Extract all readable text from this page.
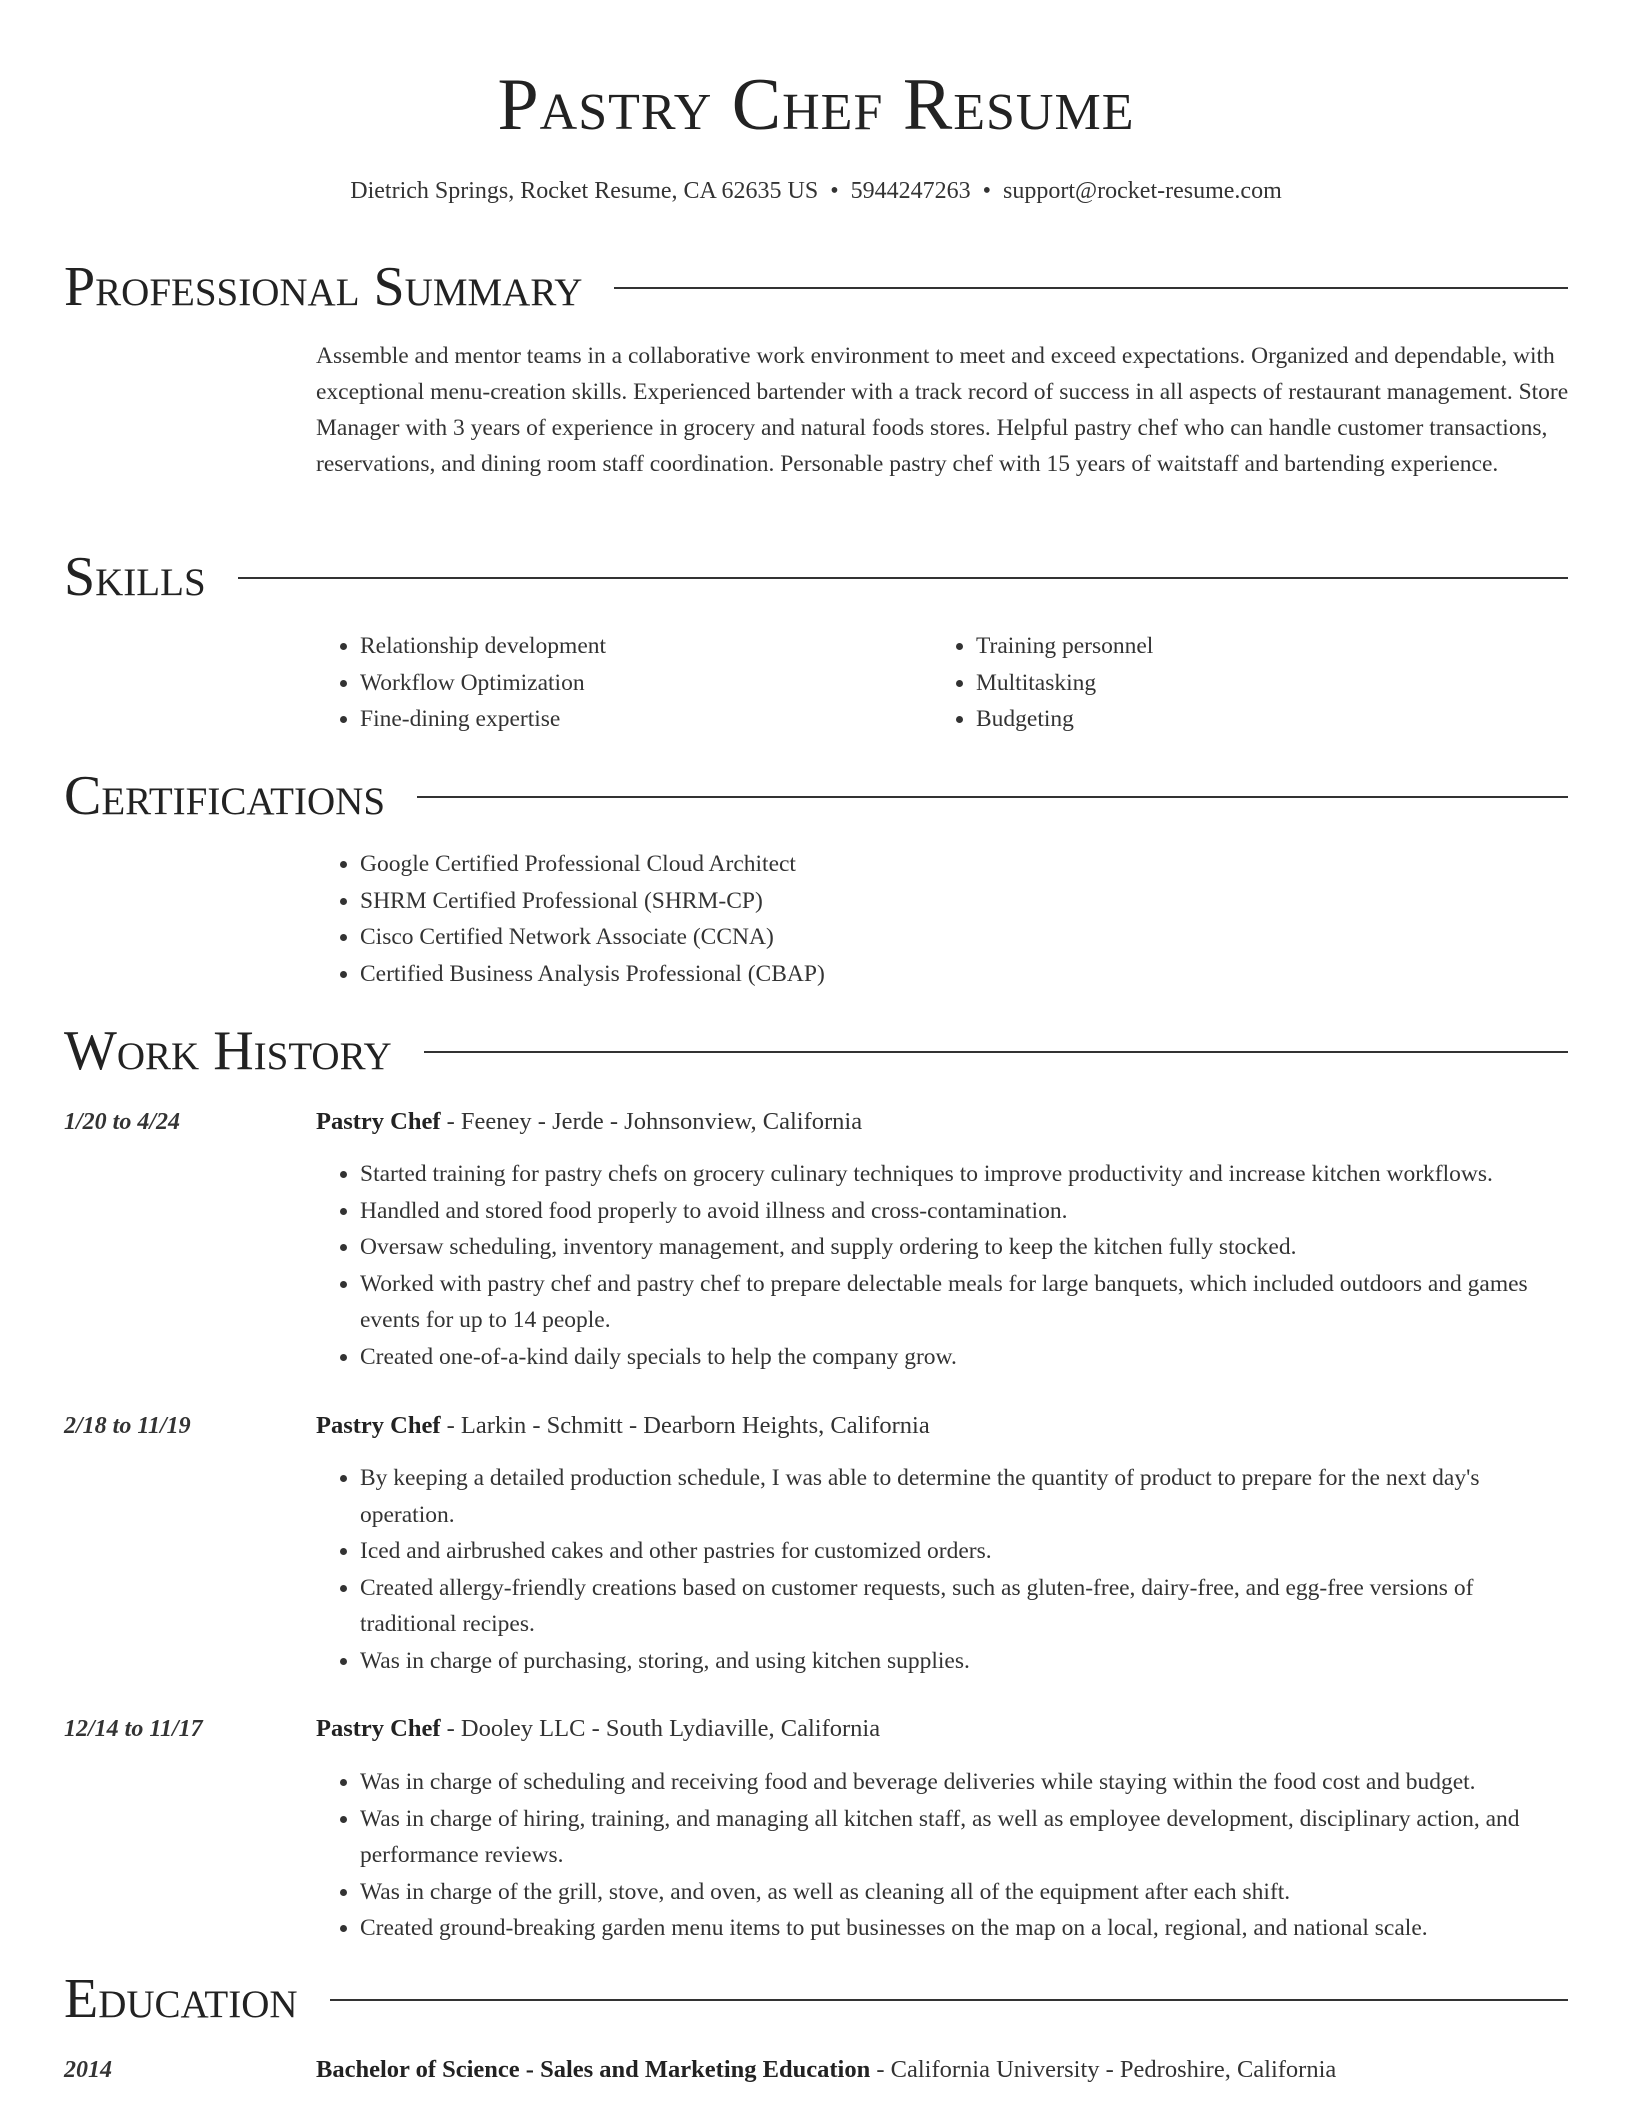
Pastry Chef Resume
Dietrich Springs, Rocket Resume, CA 62635 US • 5944247263 • support@rocket-resume.com
Professional Summary
Assemble and mentor teams in a collaborative work environment to meet and exceed expectations. Organized and dependable, with exceptional menu-creation skills. Experienced bartender with a track record of success in all aspects of restaurant management. Store Manager with 3 years of experience in grocery and natural foods stores. Helpful pastry chef who can handle customer transactions, reservations, and dining room staff coordination. Personable pastry chef with 15 years of waitstaff and bartending experience.
Skills
• Relationship development
• Workflow Optimization
• Fine-dining expertise
• Training personnel
• Multitasking
• Budgeting
Certifications
• Google Certified Professional Cloud Architect
• SHRM Certified Professional (SHRM-CP)
• Cisco Certified Network Associate (CCNA)
• Certified Business Analysis Professional (CBAP)
Work History
1/20 to 4/24	Pastry Chef - Feeney - Jerde - Johnsonview, California
• Started training for pastry chefs on grocery culinary techniques to improve productivity and increase kitchen workflows.
• Handled and stored food properly to avoid illness and cross-contamination.
• Oversaw scheduling, inventory management, and supply ordering to keep the kitchen fully stocked.
• Worked with pastry chef and pastry chef to prepare delectable meals for large banquets, which included outdoors and games events for up to 14 people.
• Created one-of-a-kind daily specials to help the company grow.
2/18 to 11/19	Pastry Chef - Larkin - Schmitt - Dearborn Heights, California
• By keeping a detailed production schedule, I was able to determine the quantity of product to prepare for the next day's operation.
• Iced and airbrushed cakes and other pastries for customized orders.
• Created allergy-friendly creations based on customer requests, such as gluten-free, dairy-free, and egg-free versions of traditional recipes.
• Was in charge of purchasing, storing, and using kitchen supplies.
12/14 to 11/17	Pastry Chef - Dooley LLC - South Lydiaville, California
• Was in charge of scheduling and receiving food and beverage deliveries while staying within the food cost and budget.
• Was in charge of hiring, training, and managing all kitchen staff, as well as employee development, disciplinary action, and performance reviews.
• Was in charge of the grill, stove, and oven, as well as cleaning all of the equipment after each shift.
• Created ground-breaking garden menu items to put businesses on the map on a local, regional, and national scale.
Education
2014	Bachelor of Science - Sales and Marketing Education - California University - Pedroshire, California
